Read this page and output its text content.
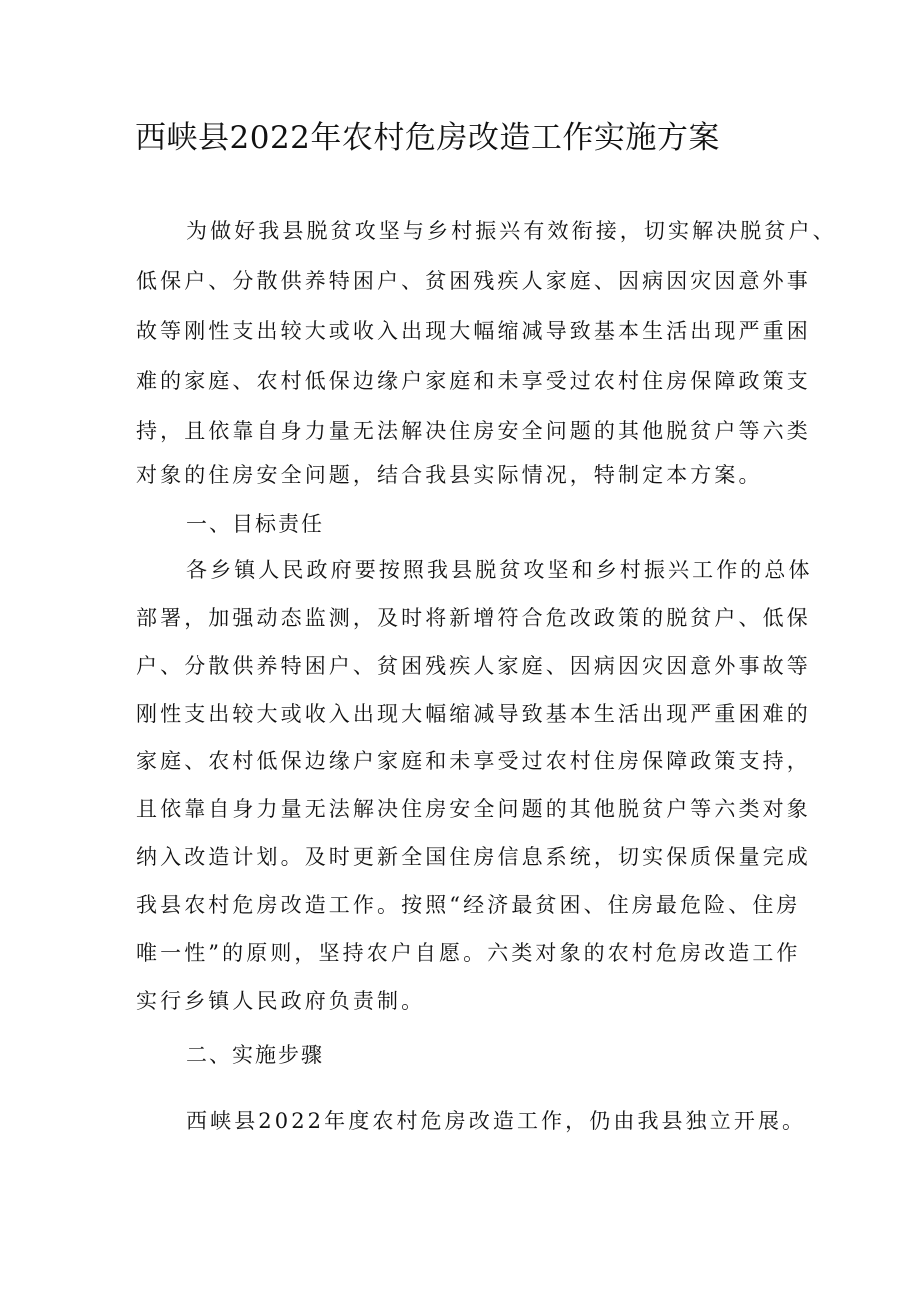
西峡县2022年农村危房改造工作实施方案

为做好我县脱贫攻坚与乡村振兴有效衔接，切实解决脱贫户、

低保户、分散供养特困户、贫困残疾人家庭、因病因灾因意外事

故等刚性支出较大或收入出现大幅缩减导致基本生活出现严重困

难的家庭、农村低保边缘户家庭和未享受过农村住房保障政策支

持，且依靠自身力量无法解决住房安全问题的其他脱贫户等六类

对象的住房安全问题，结合我县实际情况，特制定本方案。

一、目标责任

各乡镇人民政府要按照我县脱贫攻坚和乡村振兴工作的总体

部署，加强动态监测，及时将新增符合危改政策的脱贫户、低保

户、分散供养特困户、贫困残疾人家庭、因病因灾因意外事故等

刚性支出较大或收入出现大幅缩减导致基本生活出现严重困难的

家庭、农村低保边缘户家庭和未享受过农村住房保障政策支持，

且依靠自身力量无法解决住房安全问题的其他脱贫户等六类对象

纳入改造计划。及时更新全国住房信息系统，切实保质保量完成

我县农村危房改造工作。按照“经济最贫困、住房最危险、住房

唯一性”的原则，坚持农户自愿。六类对象的农村危房改造工作

实行乡镇人民政府负责制。

二、实施步骤

西峡县2022年度农村危房改造工作，仍由我县独立开展。
